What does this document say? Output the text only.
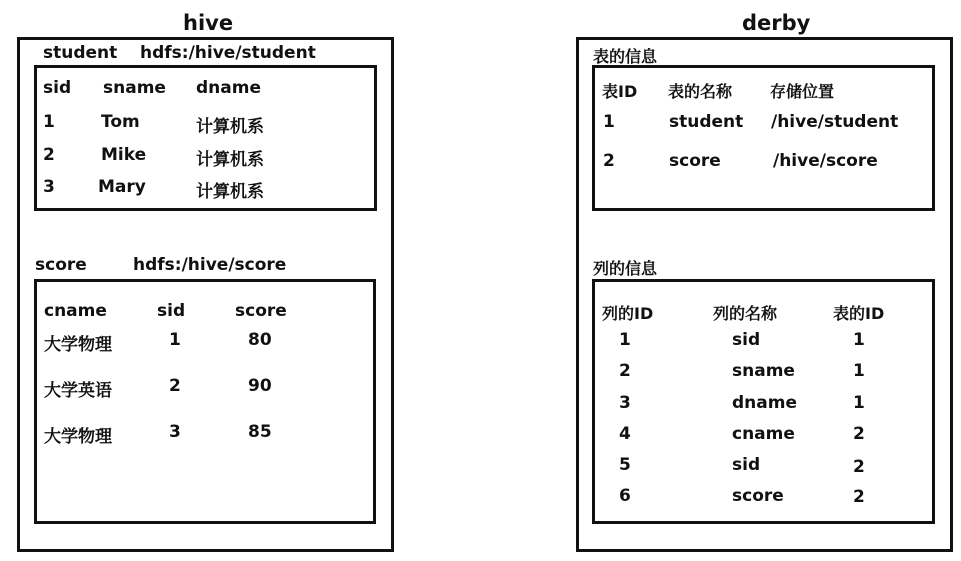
hive
student hdfs:/hive/student
sid sname dname
1	Tom	计算机系
2	Mike	计算机系
3	Mary	计算机系
score	hdfs:/hive/score
cname	sid	score
大学物理	1	80
大学英语	2	90
大学物理	3	85
derby
表的信息
表ID 表的名称 存储位置
1	student /hive/student
2	score	/hive/score
列的信息
列的ID	列的名称	表的ID
1	sid	1
2	sname	1
3	dname	1
4	cname	2
5	sid	2
6	score	2
